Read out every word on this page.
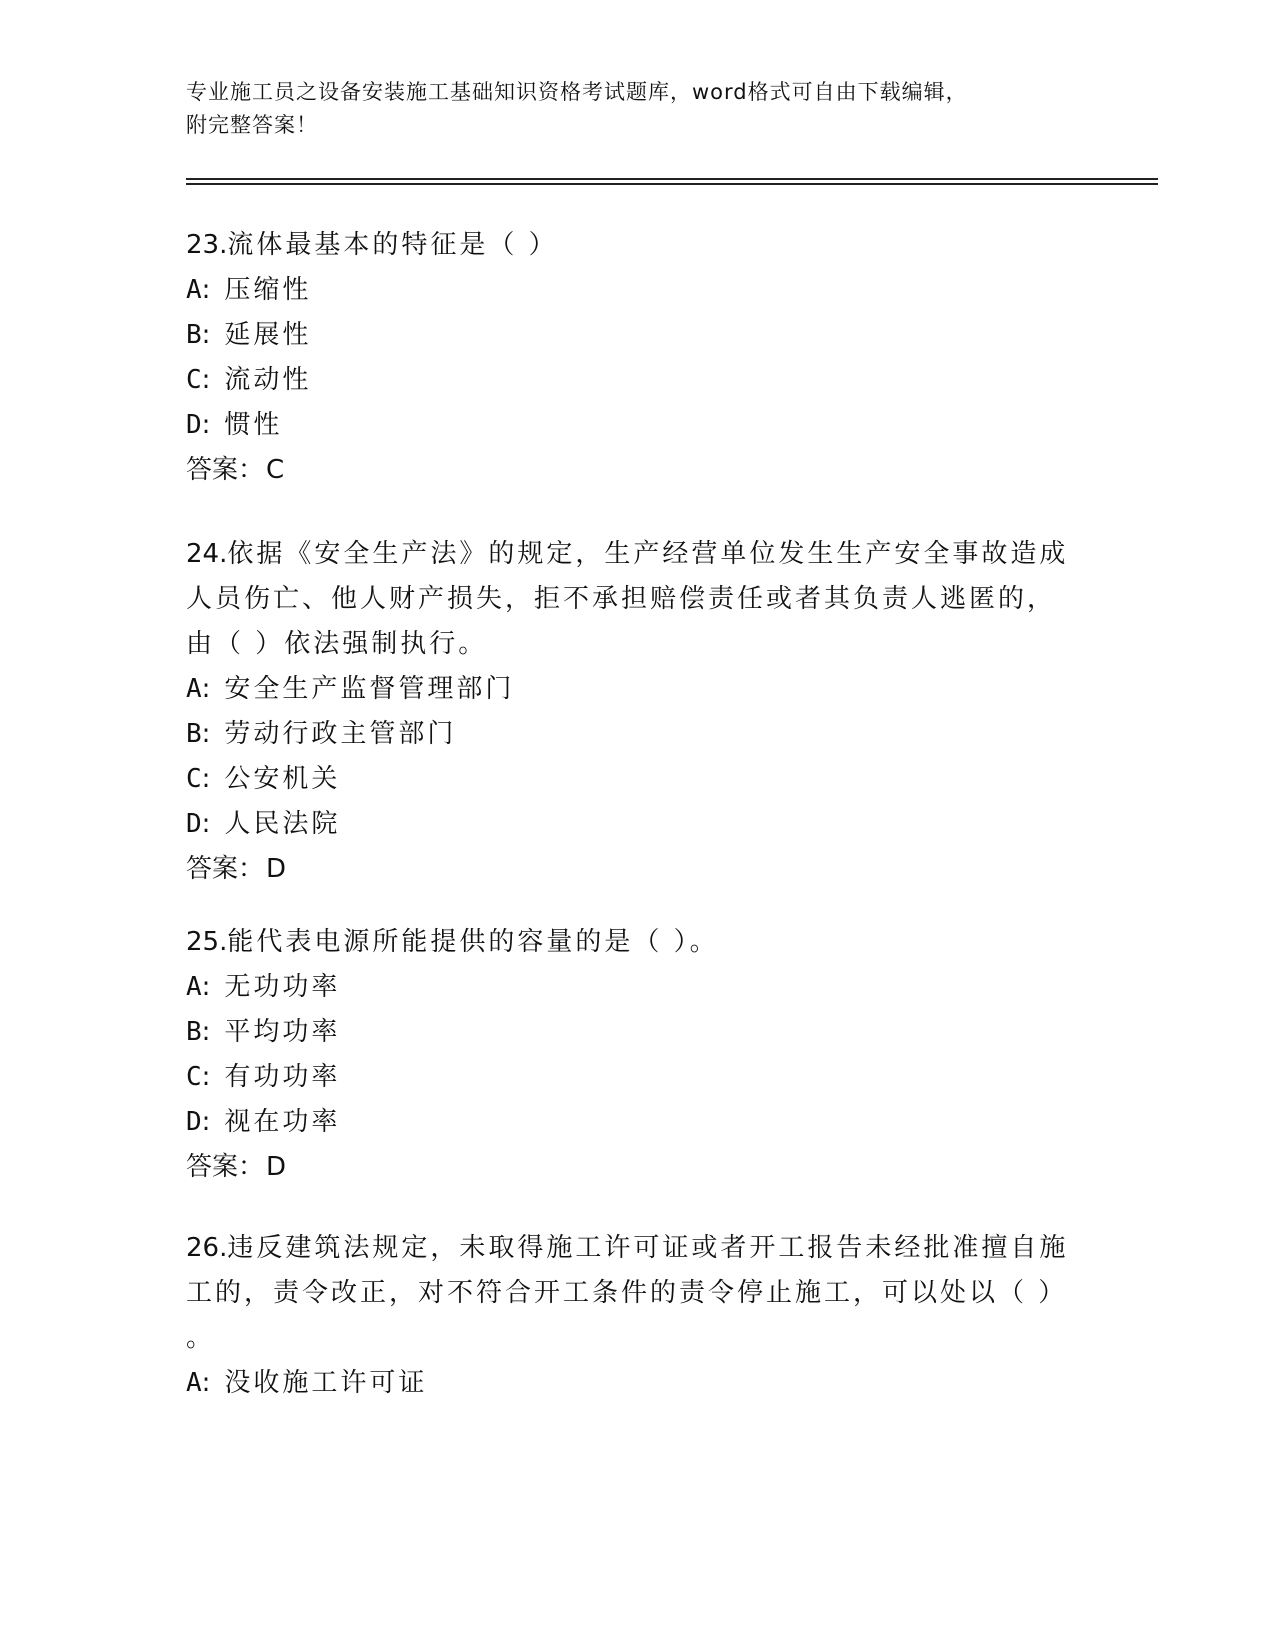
专业施工员之设备安装施工基础知识资格考试题库，word格式可自由下载编辑，
附完整答案！
23.流体最基本的特征是（ ）
A: 压缩性
B: 延展性
C: 流动性
D: 惯性
答案：C
24.依据《安全生产法》的规定，生产经营单位发生生产安全事故造成
人员伤亡、他人财产损失，拒不承担赔偿责任或者其负责人逃匿的，
由（ ）依法强制执行。
A: 安全生产监督管理部门
B: 劳动行政主管部门
C: 公安机关
D: 人民法院
答案：D
25.能代表电源所能提供的容量的是（ ）。
A: 无功功率
B: 平均功率
C: 有功功率
D: 视在功率
答案：D
26.违反建筑法规定，未取得施工许可证或者开工报告未经批准擅自施
工的，责令改正，对不符合开工条件的责令停止施工，可以处以（ ）
。
A: 没收施工许可证
